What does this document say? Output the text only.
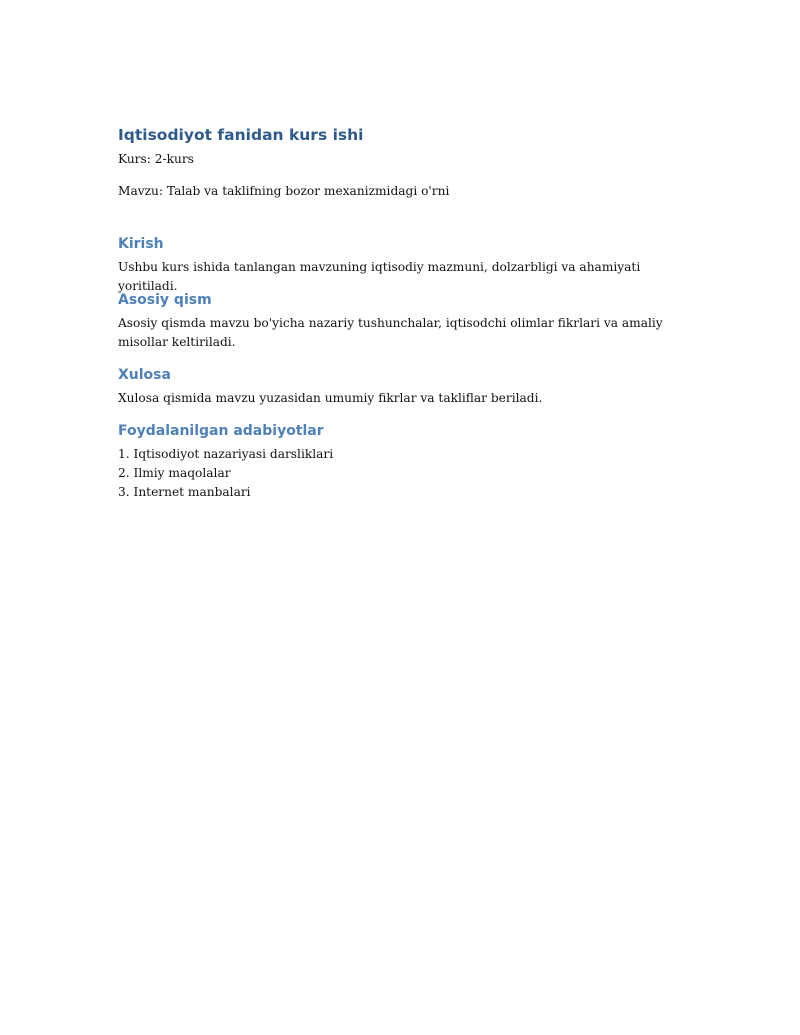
Iqtisodiyot fanidan kurs ishi

Kurs: 2-kurs

Mavzu: Talab va taklifning bozor mexanizmidagi o'rni

Kirish

Ushbu kurs ishida tanlangan mavzuning iqtisodiy mazmuni, dolzarbligi va ahamiyati yoritiladi.

Asosiy qism

Asosiy qismda mavzu bo'yicha nazariy tushunchalar, iqtisodchi olimlar fikrlari va amaliy

misollar keltiriladi.

Xulosa

Xulosa qismida mavzu yuzasidan umumiy fikrlar va takliflar beriladi.

Foydalanilgan adabiyotlar
1. Iqtisodiyot nazariyasi darsliklari
2. Ilmiy maqolalar
3. Internet manbalari
